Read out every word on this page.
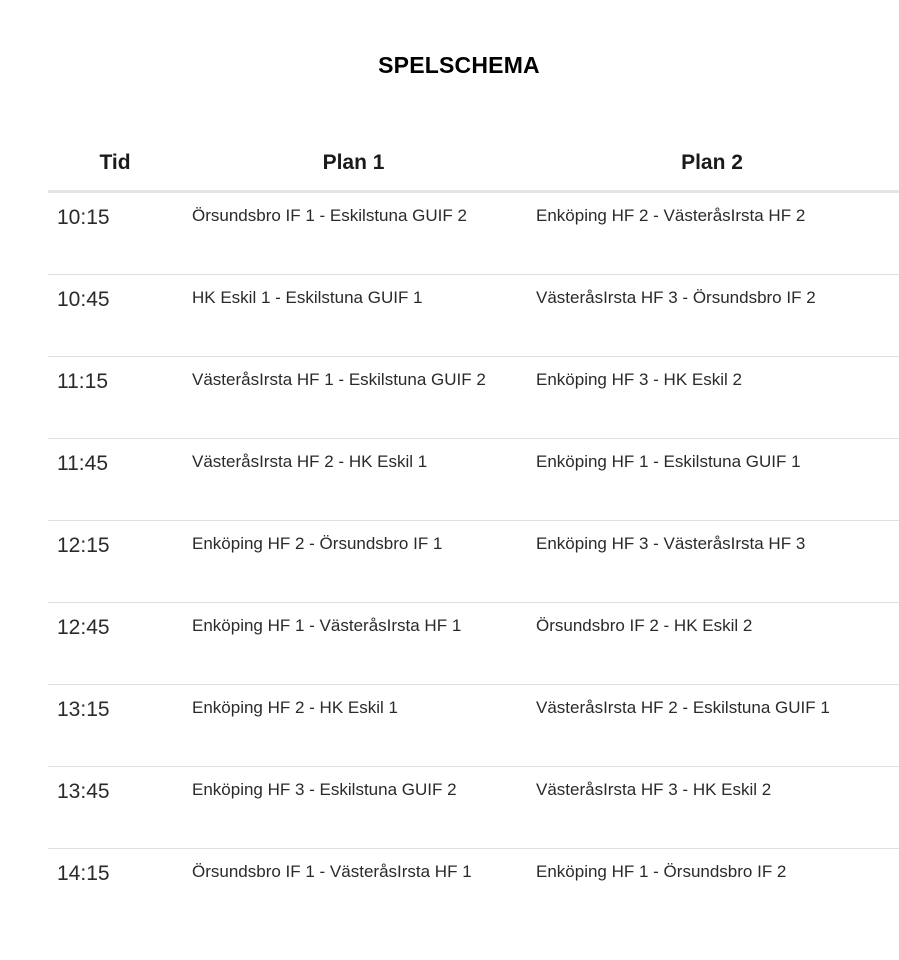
SPELSCHEMA
Tid	Plan 1	Plan 2
10:15	Örsundsbro IF 1 - Eskilstuna GUIF 2	Enköping HF 2 - VästeråsIrsta HF 2
10:45	HK Eskil 1 - Eskilstuna GUIF 1	VästeråsIrsta HF 3 - Örsundsbro IF 2
11:15	VästeråsIrsta HF 1 - Eskilstuna GUIF 2	Enköping HF 3 - HK Eskil 2
11:45	VästeråsIrsta HF 2 - HK Eskil 1	Enköping HF 1 - Eskilstuna GUIF 1
12:15	Enköping HF 2 - Örsundsbro IF 1	Enköping HF 3 - VästeråsIrsta HF 3
12:45	Enköping HF 1 - VästeråsIrsta HF 1	Örsundsbro IF 2 - HK Eskil 2
13:15	Enköping HF 2 - HK Eskil 1	VästeråsIrsta HF 2 - Eskilstuna GUIF 1
13:45	Enköping HF 3 - Eskilstuna GUIF 2	VästeråsIrsta HF 3 - HK Eskil 2
14:15	Örsundsbro IF 1 - VästeråsIrsta HF 1	Enköping HF 1 - Örsundsbro IF 2
